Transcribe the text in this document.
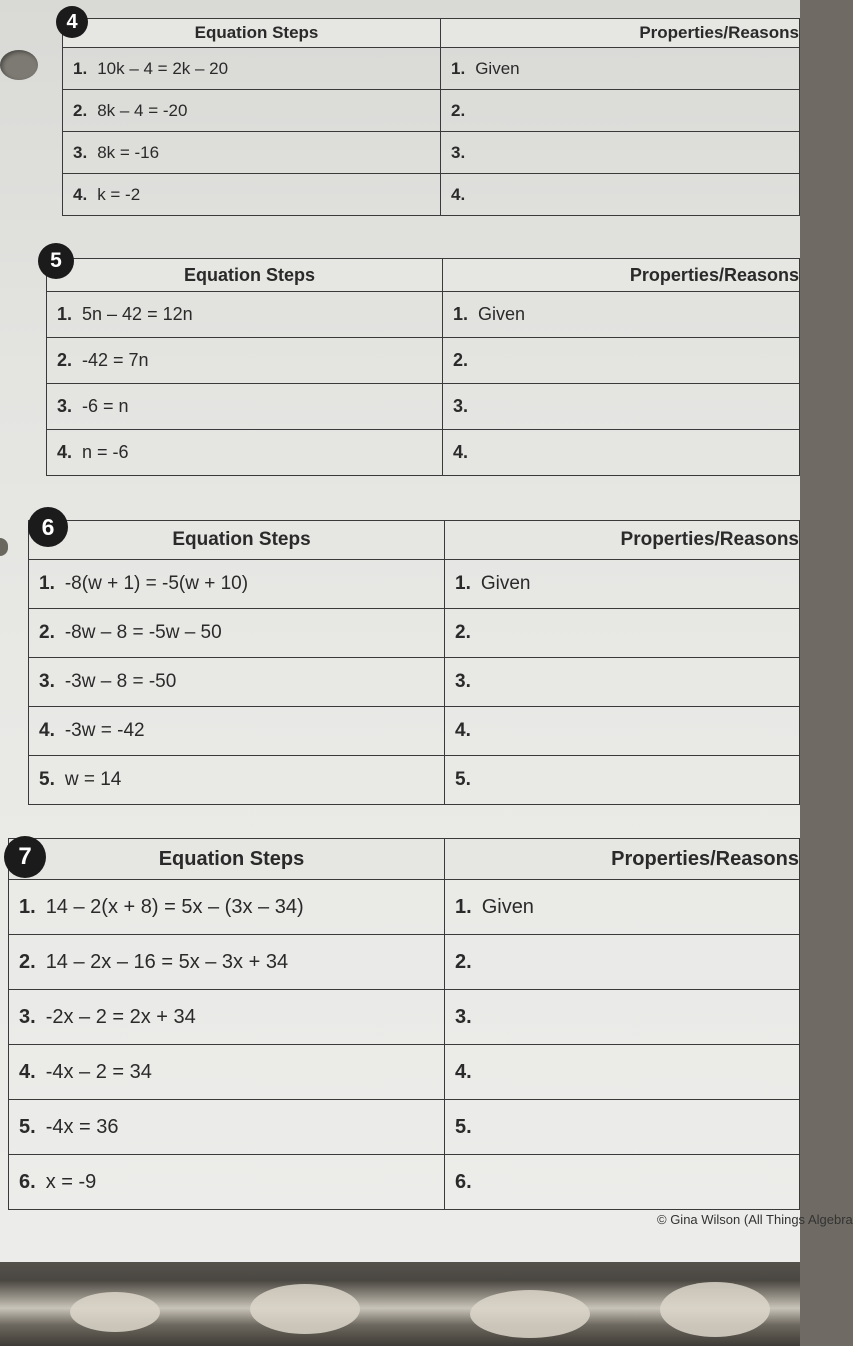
4	Equation Steps	Properties/Reasons
1. 10k – 4 = 2k – 20	1. Given
2. 8k – 4 = -20	2.
3. 8k = -16	3.
4. k = -2	4.
5
Equation Steps	Properties/Reasons
1. 5n – 42 = 12n	1. Given
2. -42 = 7n	2.
3. -6 = n	3.
4. n = -6	4.
6	Equation Steps	Properties/Reasons
1. -8(w + 1) = -5(w + 10)	1. Given
2. -8w – 8 = -5w – 50	2.
3. -3w – 8 = -50	3.
4. -3w = -42	4.
5. w = 14	5.
7	Equation Steps	Properties/Reasons
1. 14 – 2(x + 8) = 5x – (3x – 34)	1. Given
2. 14 – 2x – 16 = 5x – 3x + 34	2.
3. -2x – 2 = 2x + 34	3.
4. -4x – 2 = 34	4.
5. -4x = 36	5.
6. x = -9	6.
© Gina Wilson (All Things Algebra
